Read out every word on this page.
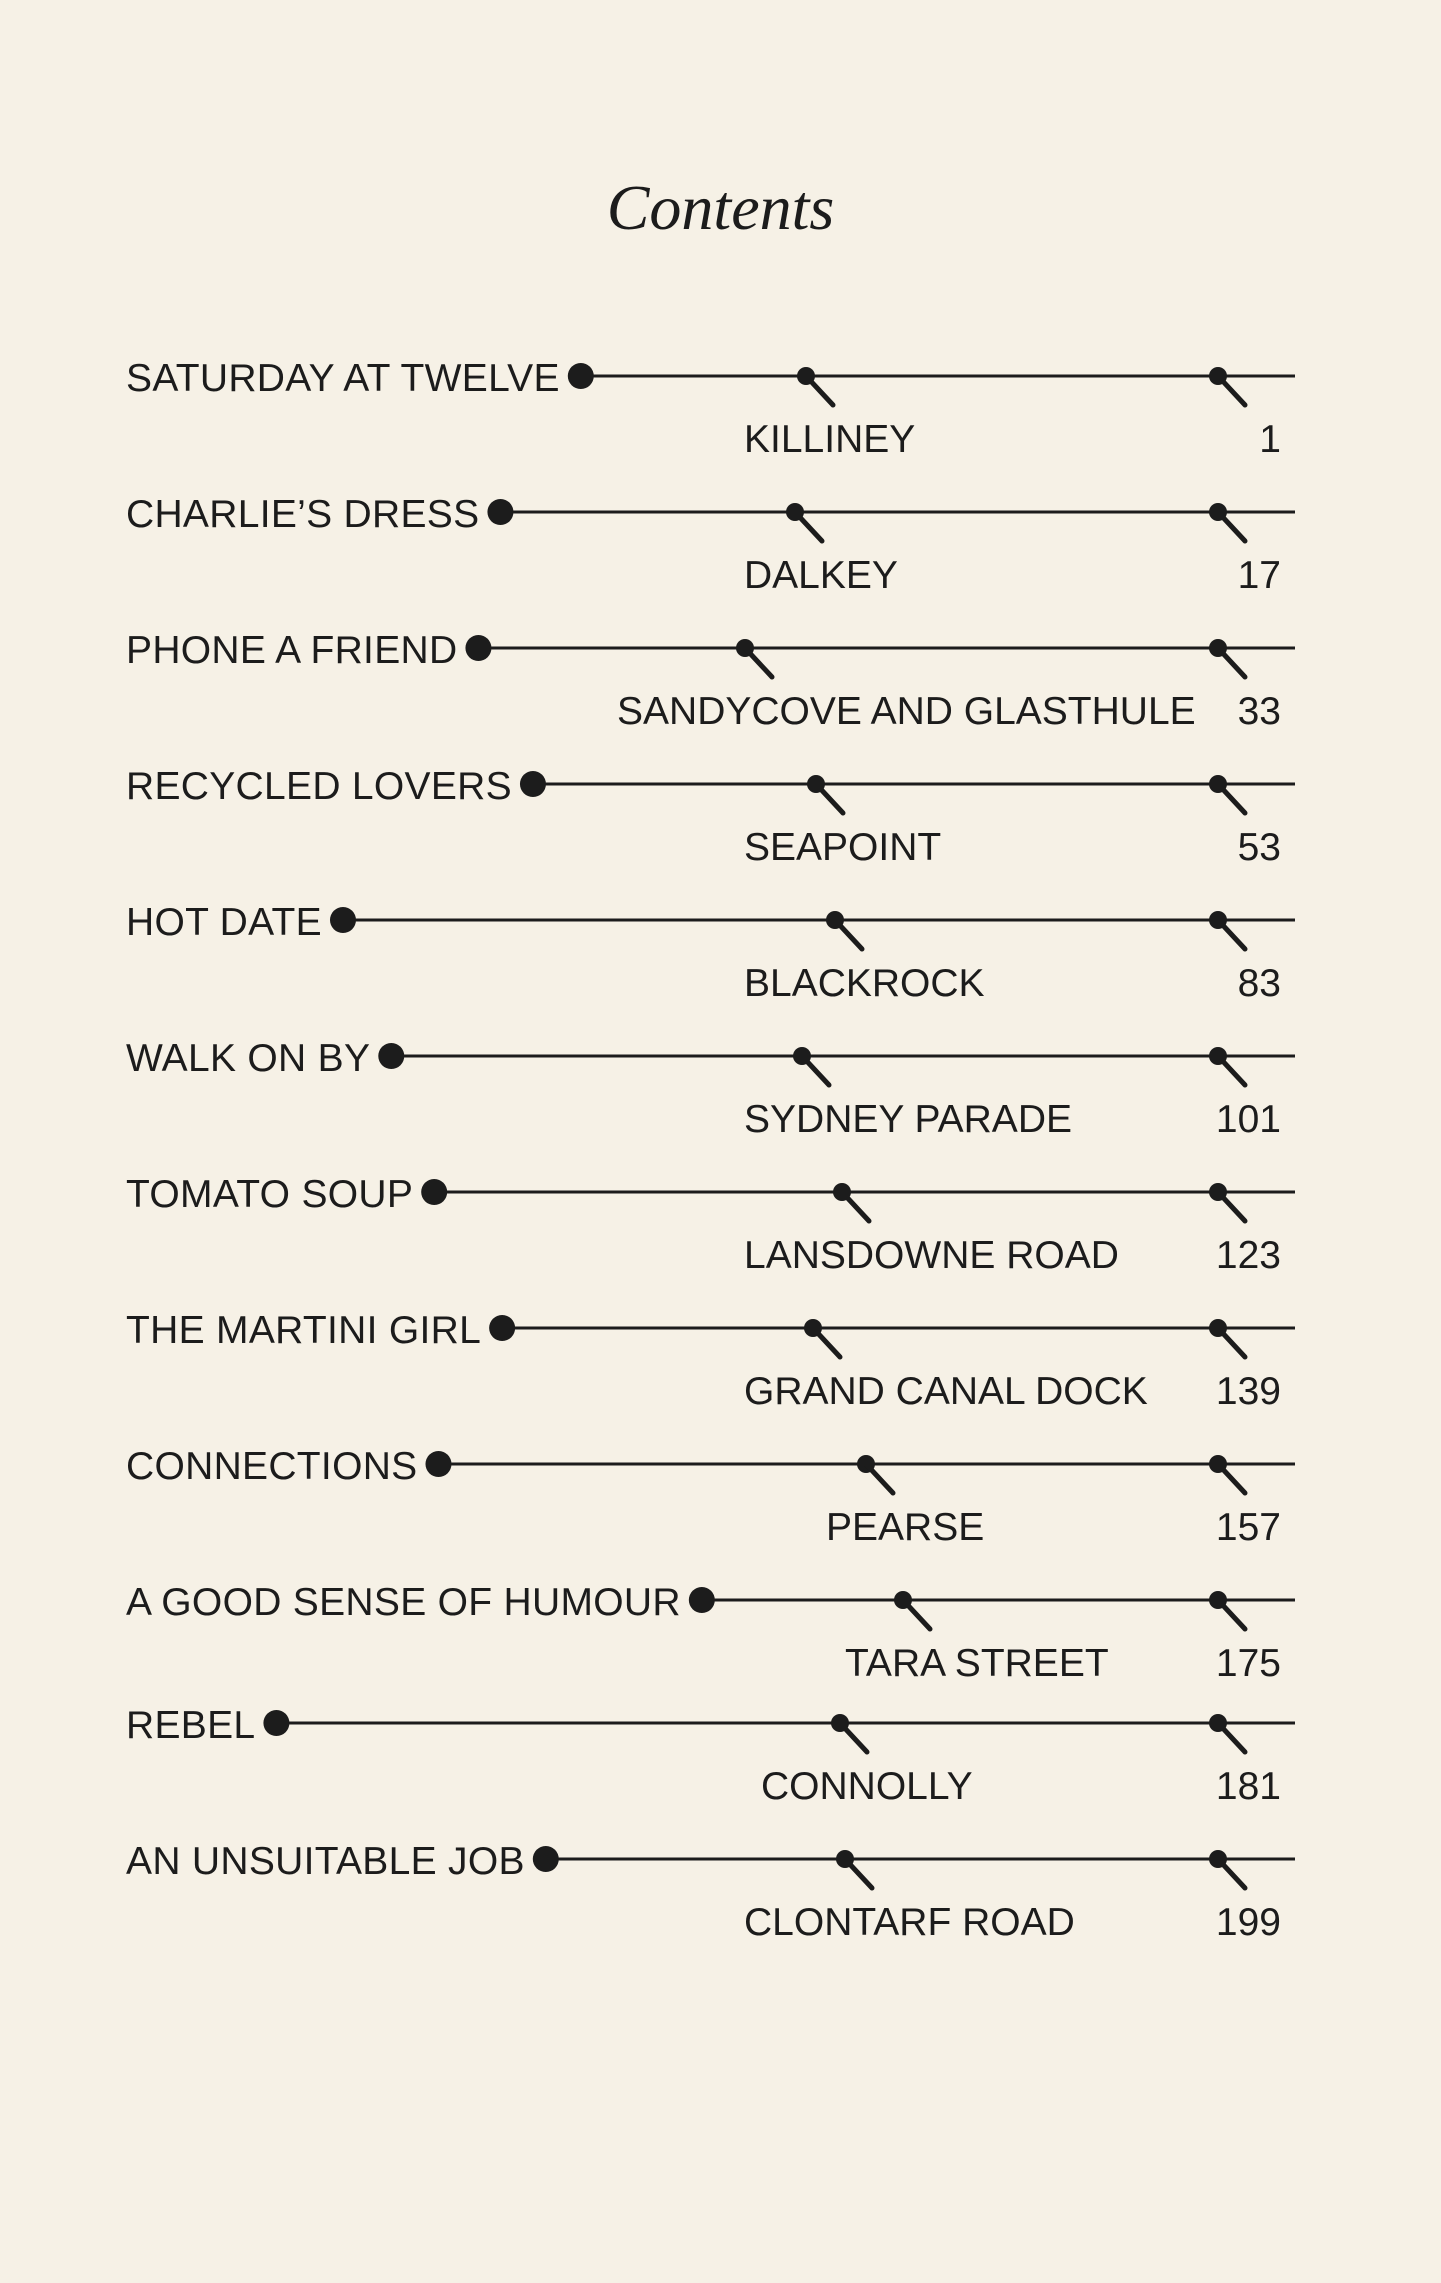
Contents
SATURDAY AT TWELVE
KILLINEY	1
CHARLIE’S DRESS
DALKEY	17
PHONE A FRIEND
SANDYCOVE AND GLASTHULE 33
RECYCLED LOVERS
SEAPOINT	53
HOT DATE
BLACKROCK	83
WALK ON BY
SYDNEY PARADE	101
TOMATO SOUP
LANSDOWNE ROAD 123
THE MARTINI GIRL
GRAND CANAL DOCK 139
CONNECTIONS
PEARSE	157
A GOOD SENSE OF HUMOUR
TARA STREET	175
REBEL
CONNOLLY	181
AN UNSUITABLE JOB
CLONTARF ROAD	199
